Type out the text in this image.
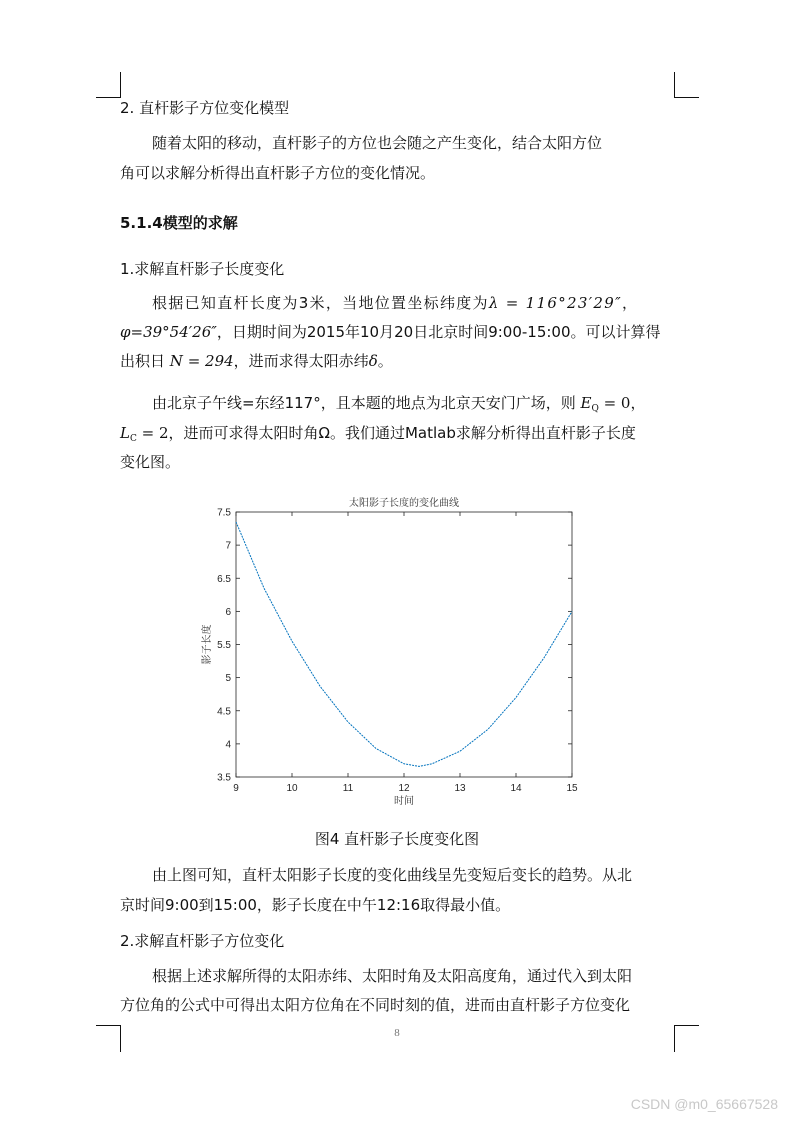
2. 直杆影子方位变化模型
随着太阳的移动，直杆影子的方位也会随之产生变化，结合太阳方位
角可以求解分析得出直杆影子方位的变化情况。
5.1.4模型的求解
1.求解直杆影子长度变化
根据已知直杆长度为3米，当地位置坐标纬度为λ = 116°23′29″，
φ=39°54′26″，日期时间为2015年10月20日北京时间9:00-15:00。可以计算得
出积日 N = 294，进而求得太阳赤纬δ。
由北京子午线=东经117°，且本题的地点为北京天安门广场，则 $E_Q = 0$，
$L_C = 2$，进而可求得太阳时角Ω。我们通过Matlab求解分析得出直杆影子长度
变化图。
太阳影子长度的变化曲线
9	10	11	12	13	14	15
3.5
4
4.5
5
5.5
6
6.5
7
7.5
时间
影子长度
图4 直杆影子长度变化图
由上图可知，直杆太阳影子长度的变化曲线呈先变短后变长的趋势。从北
京时间9:00到15:00，影子长度在中午12:16取得最小值。
2.求解直杆影子方位变化
根据上述求解所得的太阳赤纬、太阳时角及太阳高度角，通过代入到太阳
方位角的公式中可得出太阳方位角在不同时刻的值，进而由直杆影子方位变化
8
CSDN @m0_65667528
